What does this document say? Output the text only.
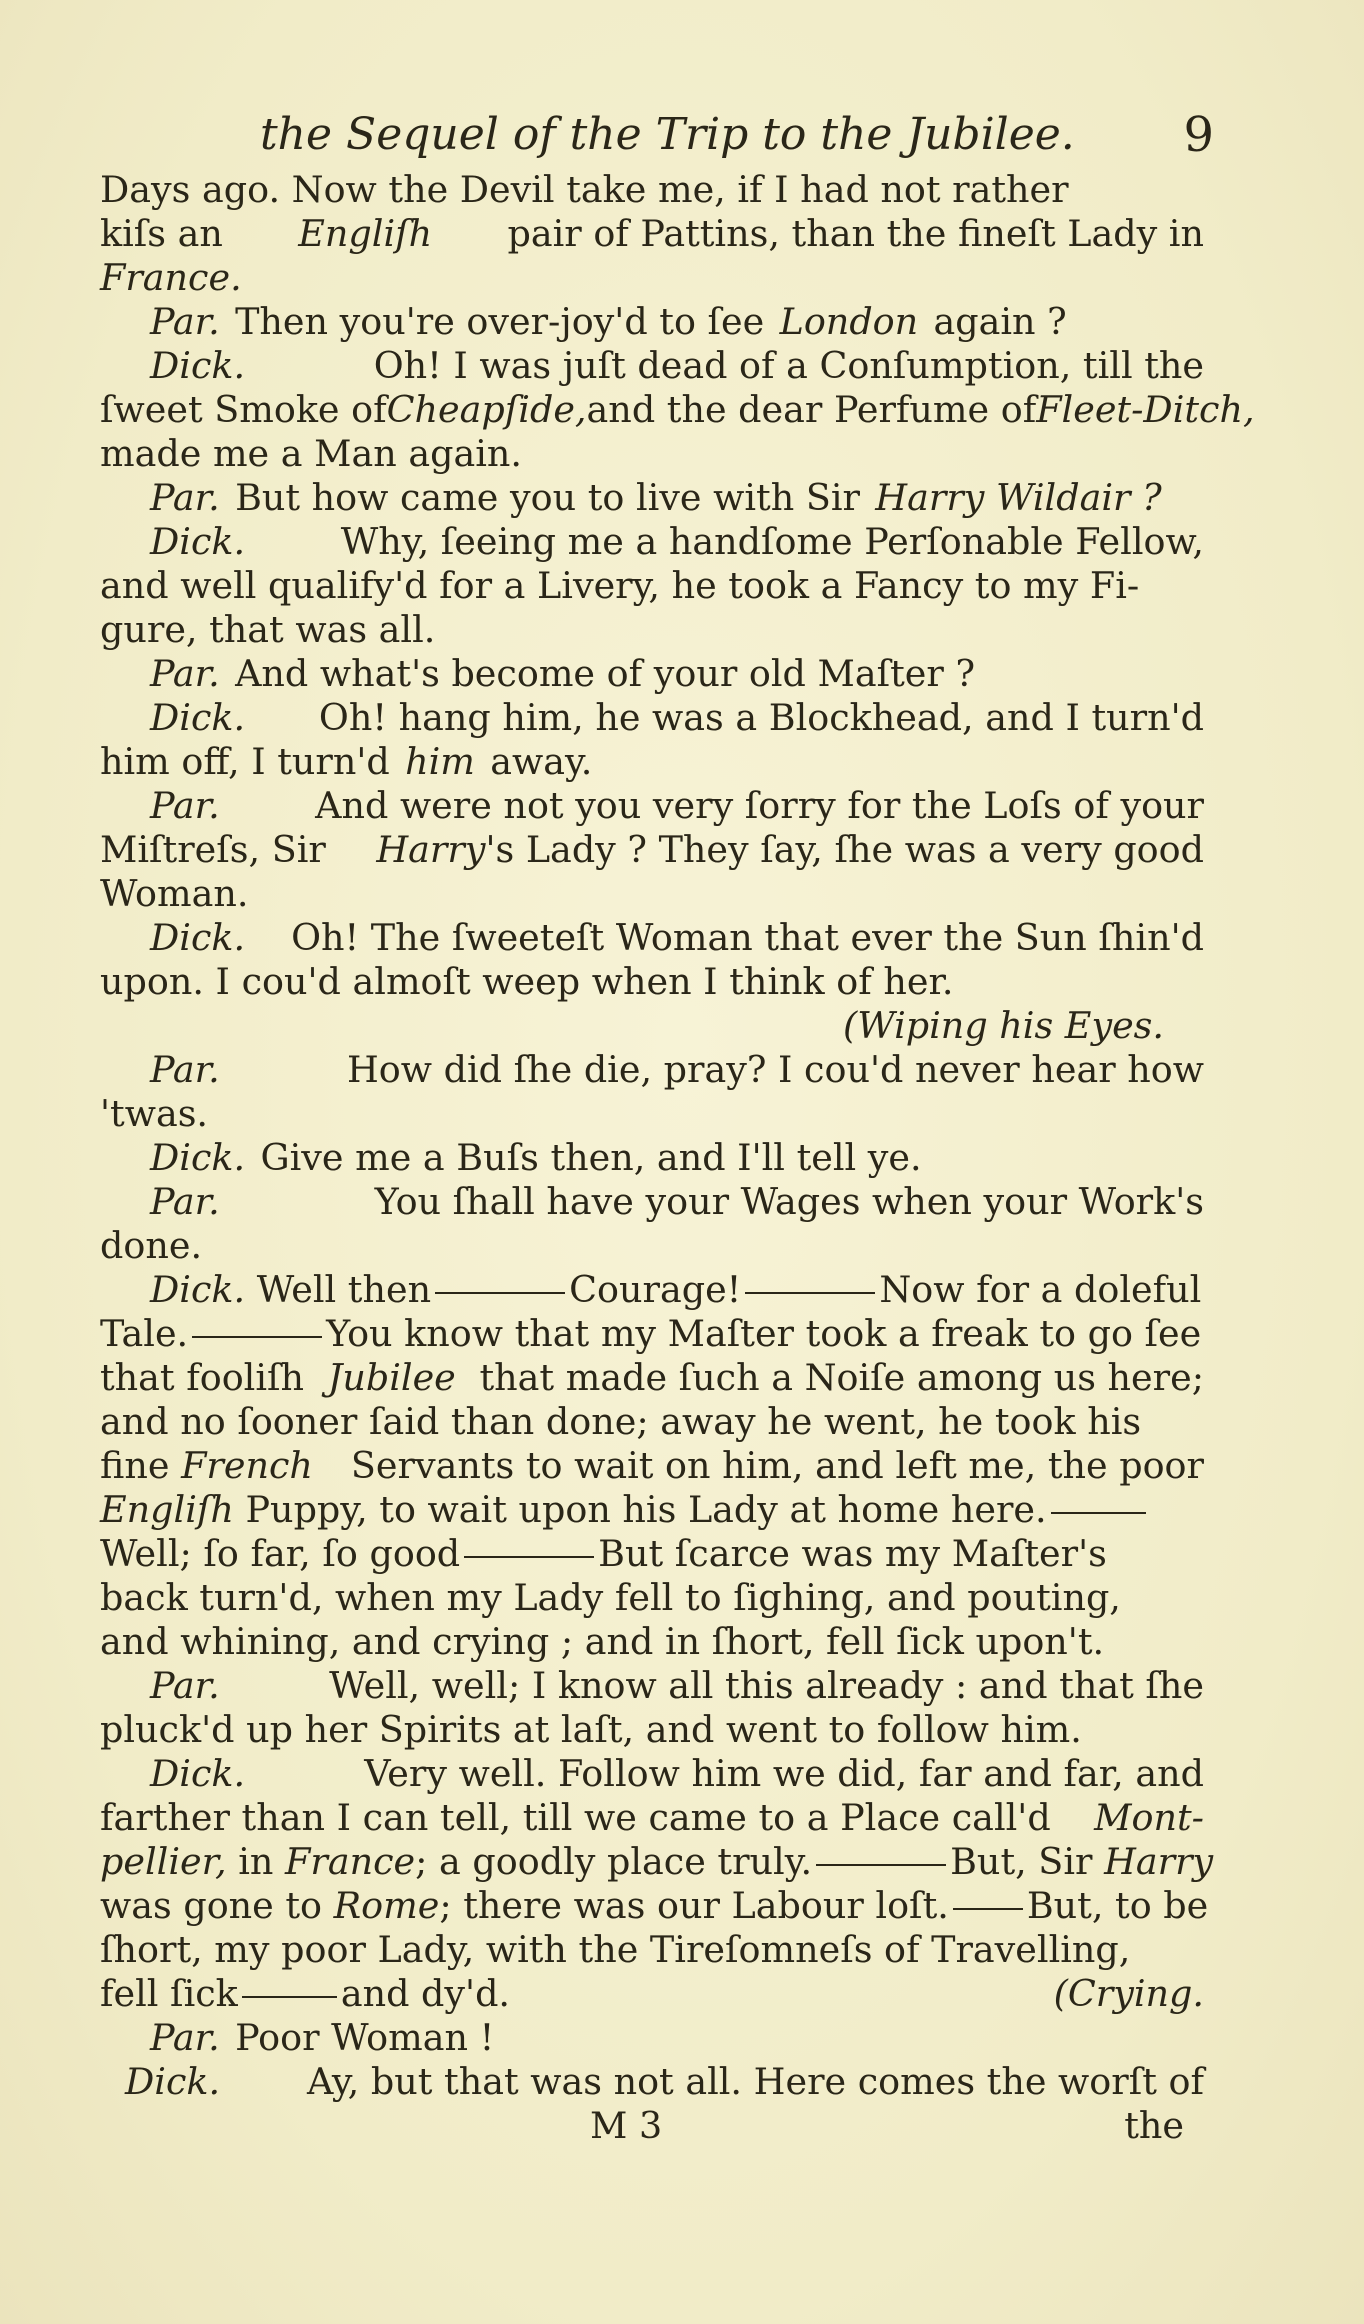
the Sequel of the Trip to the Jubilee. 9
Days ago. Now the Devil take me, if I had not rather
kiſs an Engliſh pair of Pattins, than the fineſt Lady in
France.
Par. Then you're over-joy'd to ſee London again ?
Dick.	Oh! I was juſt dead of a Conſumption, till the
ſweet Smoke of Cheapſide, and the dear Perfume of Fleet-Ditch,
made me a Man again.
Par. But how came you to live with Sir Harry Wildair ?
Dick.	Why, ſeeing me a handſome Perſonable Fellow,
and well qualify'd for a Livery, he took a Fancy to my Fi-
gure, that was all.
Par. And what's become of your old Maſter ?
Dick. Oh! hang him, he was a Blockhead, and I turn'd
him off, I turn'd him away.
Par.	And were not you very ſorry for the Loſs of your
Miſtreſs, Sir Harry's Lady ? They ſay, ſhe was a very good
Woman.
Dick. Oh! The ſweeteſt Woman that ever the Sun ſhin'd
upon. I cou'd almoſt weep when I think of her.
(Wiping his Eyes.
Par.	How did ſhe die, pray? I cou'd never hear how
'twas.
Dick. Give me a Buſs then, and I'll tell ye.
Par.	You ſhall have your Wages when your Work's
done.
Dick. Well then	Courage!	Now for a doleful
Tale.	You know that my Maſter took a freak to go ſee
that fooliſh Jubilee that made ſuch a Noiſe among us here;
and no ſooner ſaid than done; away he went, he took his
fine French Servants to wait on him, and left me, the poor
Engliſh Puppy, to wait upon his Lady at home here.
Well; ſo far, ſo good	But ſcarce was my Maſter's
back turn'd, when my Lady fell to ſighing, and pouting,
and whining, and crying ; and in ſhort, fell ſick upon't.
Par.	Well, well; I know all this already : and that ſhe
pluck'd up her Spirits at laſt, and went to follow him.
Dick.	Very well. Follow him we did, far and far, and
farther than I can tell, till we came to a Place call'd Mont-
pellier, in France; a goodly place truly.	But, Sir Harry
was gone to Rome; there was our Labour loſt. But, to be
ſhort, my poor Lady, with the Tireſomneſs of Travelling,
fell ſick	and dy'd.	(Crying.
Par. Poor Woman !
Dick. Ay, but that was not all. Here comes the worſt of
M 3	the
